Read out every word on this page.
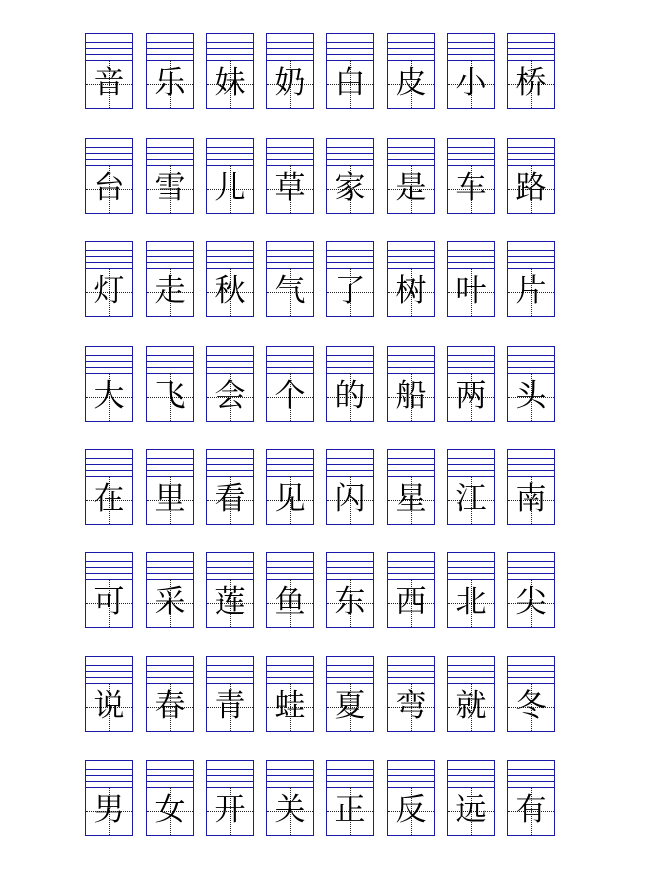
音 乐 妹 奶 白 皮 小 桥
台 雪 儿 草 家 是 车 路
灯 走 秋 气 了 树 叶 片
大 飞 会 个 的 船 两 头
在 里 看 见 闪 星 江 南
可 采 莲 鱼 东 西 北 尖
说 春 青 蛙 夏 弯 就 冬
男 女 开 关 正 反 远 有
